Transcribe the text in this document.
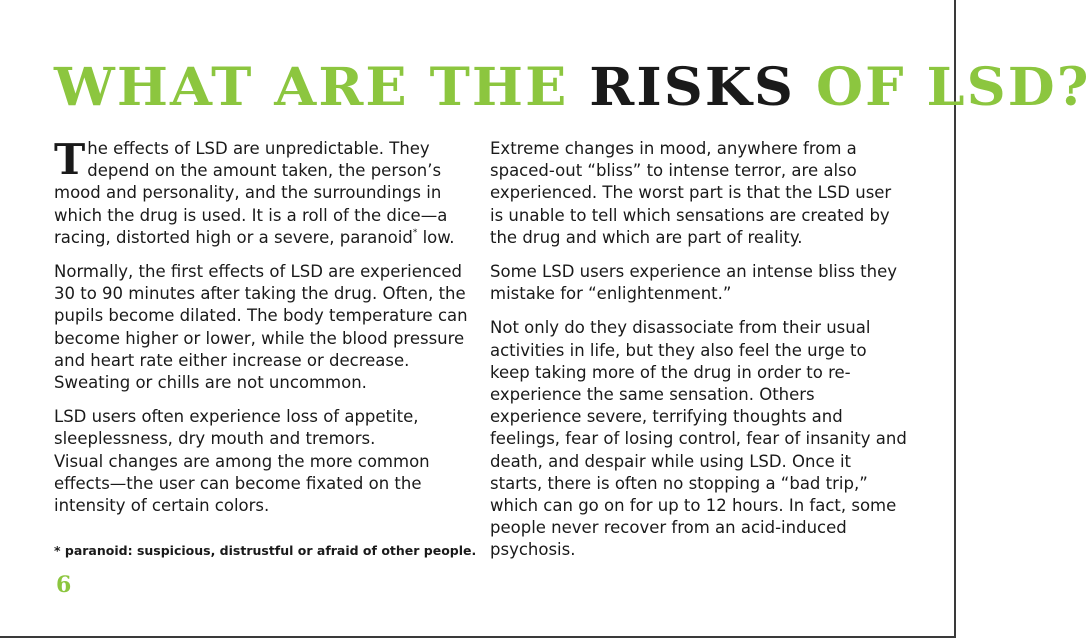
WHAT ARE THE RISKS OF LSD?

The effects of LSD are unpredictable. They depend on the amount taken, the person’s mood and personality, and the surroundings in which the drug is used. It is a roll of the dice—a racing, distorted high or a severe, paranoid* low.

Normally, the first effects of LSD are experienced 30 to 90 minutes after taking the drug. Often, the pupils become dilated. The body temperature can become higher or lower, while the blood pressure and heart rate either increase or decrease. Sweating or chills are not uncommon.

LSD users often experience loss of appetite, sleeplessness, dry mouth and tremors.
Visual changes are among the more common effects—the user can become fixated on the intensity of certain colors.

Extreme changes in mood, anywhere from a spaced-out “bliss” to intense terror, are also experienced. The worst part is that the LSD user is unable to tell which sensations are created by the drug and which are part of reality.

Some LSD users experience an intense bliss they mistake for “enlightenment.”

Not only do they disassociate from their usual activities in life, but they also feel the urge to keep taking more of the drug in order to re-experience the same sensation. Others experience severe, terrifying thoughts and feelings, fear of losing control, fear of insanity and death, and despair while using LSD. Once it starts, there is often no stopping a “bad trip,” which can go on for up to 12 hours. In fact, some people never recover from an acid-induced psychosis.

* paranoid: suspicious, distrustful or afraid of other people.
6
